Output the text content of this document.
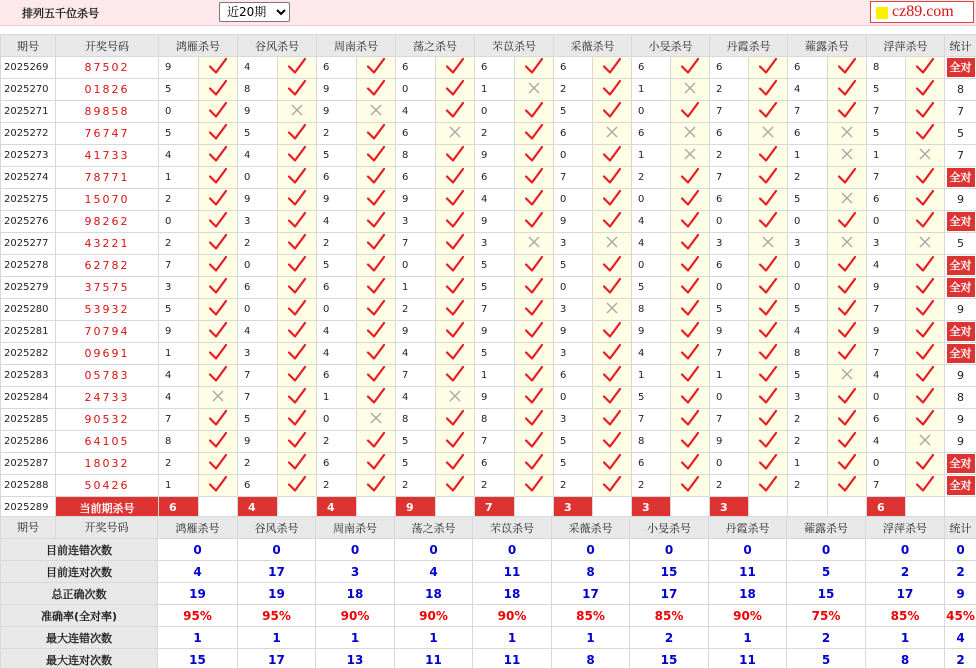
排列五千位杀号
近20期	cz89.com
期号	开奖号码	鸿雁杀号		谷风杀号		周南杀号		荡之杀号		芣苡杀号		采薇杀号		小旻杀号		丹霞杀号		蕹露杀号		浮萍杀号		统计
2025269	87502	9		4		6		6		6		6		6		6		6		8		全对
2025270	01826	5		8		9		0		1		2		1		2		4		5		8
2025271	89858	0		9		9		4		0		5		0		7		7		7		7
2025272	76747	5		5		2		6		2		6		6		6		6		5		5
2025273	41733	4		4		5		8		9		0		1		2		1		1		7
2025274	78771	1		0		6		6		6		7		2		7		2		7		全对
2025275	15070	2		9		9		9		4		0		0		6		5		6		9
2025276	98262	0		3		4		3		9		9		4		0		0		0		全对
2025277	43221	2		2		2		7		3		3		4		3		3		3		5
2025278	62782	7		0		5		0		5		5		0		6		0		4		全对
2025279	37575	3		6		6		1		5		0		5		0		0		9		全对
2025280	53932	5		0		0		2		7		3		8		5		5		7		9
2025281	70794	9		4		4		9		9		9		9		9		4		9		全对
2025282	09691	1		3		4		4		5		3		4		7		8		7		全对
2025283	05783	4		7		6		7		1		6		1		1		5		4		9
2025284	24733	4		7		1		4		9		0		5		0		3		0		8
2025285	90532	7		5		0		8		8		3		7		7		2		6		9
2025286	64105	8		9		2		5		7		5		8		9		2		4		9
2025287	18032	2		2		6		5		6		5		6		0		1		0		全对
2025288	50426	1		6		2		2		2		2		2		2		2		7		全对
2025289	当前期杀号	6		4		4		9		7		3		3		3				6		
期号 开奖号码	鸿雁杀号	谷风杀号	周南杀号	荡之杀号	芣苡杀号	采薇杀号	小旻杀号	丹霞杀号	蕹露杀号	浮萍杀号	统计
目前连错次数	0	0	0	0	0	0	0	0	0	0	0
目前连对次数	4	17	3	4	11	8	15	11	5	2	2
总正确次数	19	19	18	18	18	17	17	18	15	17	9
准确率(全对率)	95%	95%	90%	90%	90%	85%	85%	90%	75%	85%	45%
最大连错次数	1	1	1	1	1	1	2	1	2	1	4
最大连对次数	15	17	13	11	11	8	15	11	5	8	2
